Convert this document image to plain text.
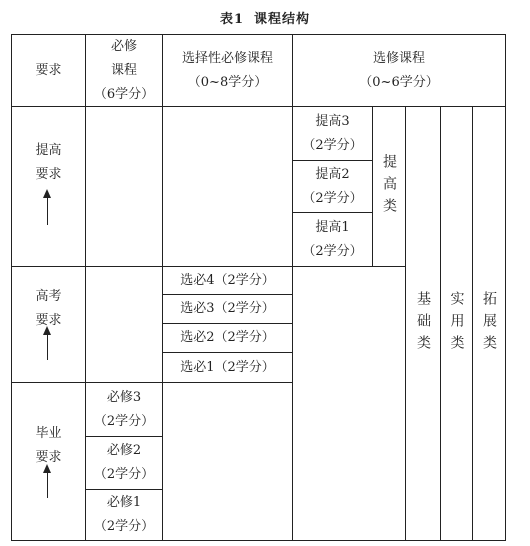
表1 课程结构
要求
必修
课程
（6学分）
选择性必修课程
（0~8学分）
选修课程
（0~6学分）
提高
要求
高考
要求
毕业
要求
必修3
（2学分）
必修2
（2学分）
必修1
（2学分）
选必4（2学分）
选必3（2学分）
选必2（2学分）
选必1（2学分）
提高3
（2学分）
提高2
（2学分）
提高1
（2学分）
提高类
基础类 实用类 拓展类
